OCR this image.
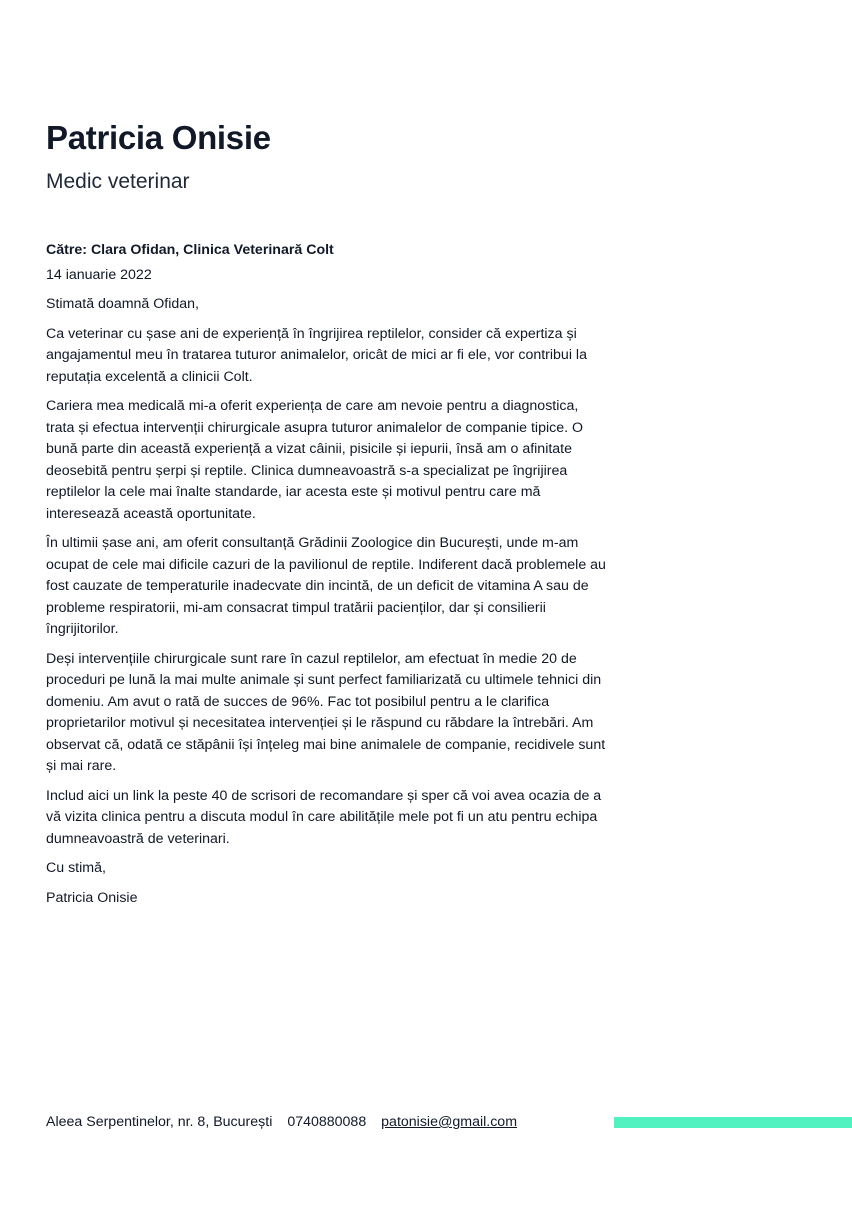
Patricia Onisie
Medic veterinar

Către: Clara Ofidan, Clinica Veterinară Colt

14 ianuarie 2022

Stimată doamnă Ofidan,

Ca veterinar cu șase ani de experiență în îngrijirea reptilelor, consider că expertiza și angajamentul meu în tratarea tuturor animalelor, oricât de mici ar fi ele, vor contribui la reputația excelentă a clinicii Colt.

Cariera mea medicală mi-a oferit experiența de care am nevoie pentru a diagnostica, trata și efectua intervenții chirurgicale asupra tuturor animalelor de companie tipice. O bună parte din această experiență a vizat câinii, pisicile și iepurii, însă am o afinitate deosebită pentru șerpi și reptile. Clinica dumneavoastră s-a specializat pe îngrijirea reptilelor la cele mai înalte standarde, iar acesta este și motivul pentru care mă interesează această oportunitate.

În ultimii șase ani, am oferit consultanță Grădinii Zoologice din București, unde m-am ocupat de cele mai dificile cazuri de la pavilionul de reptile. Indiferent dacă problemele au fost cauzate de temperaturile inadecvate din incintă, de un deficit de vitamina A sau de probleme respiratorii, mi-am consacrat timpul tratării pacienților, dar și consilierii îngrijitorilor.

Deși intervențiile chirurgicale sunt rare în cazul reptilelor, am efectuat în medie 20 de proceduri pe lună la mai multe animale și sunt perfect familiarizată cu ultimele tehnici din domeniu. Am avut o rată de succes de 96%. Fac tot posibilul pentru a le clarifica proprietarilor motivul și necesitatea intervenției și le răspund cu răbdare la întrebări. Am observat că, odată ce stăpânii își înțeleg mai bine animalele de companie, recidivele sunt și mai rare.

Includ aici un link la peste 40 de scrisori de recomandare și sper că voi avea ocazia de a vă vizita clinica pentru a discuta modul în care abilitățile mele pot fi un atu pentru echipa dumneavoastră de veterinari.

Cu stimă,

Patricia Onisie

Aleea Serpentinelor, nr. 8, București 0740880088 patonisie@gmail.com
